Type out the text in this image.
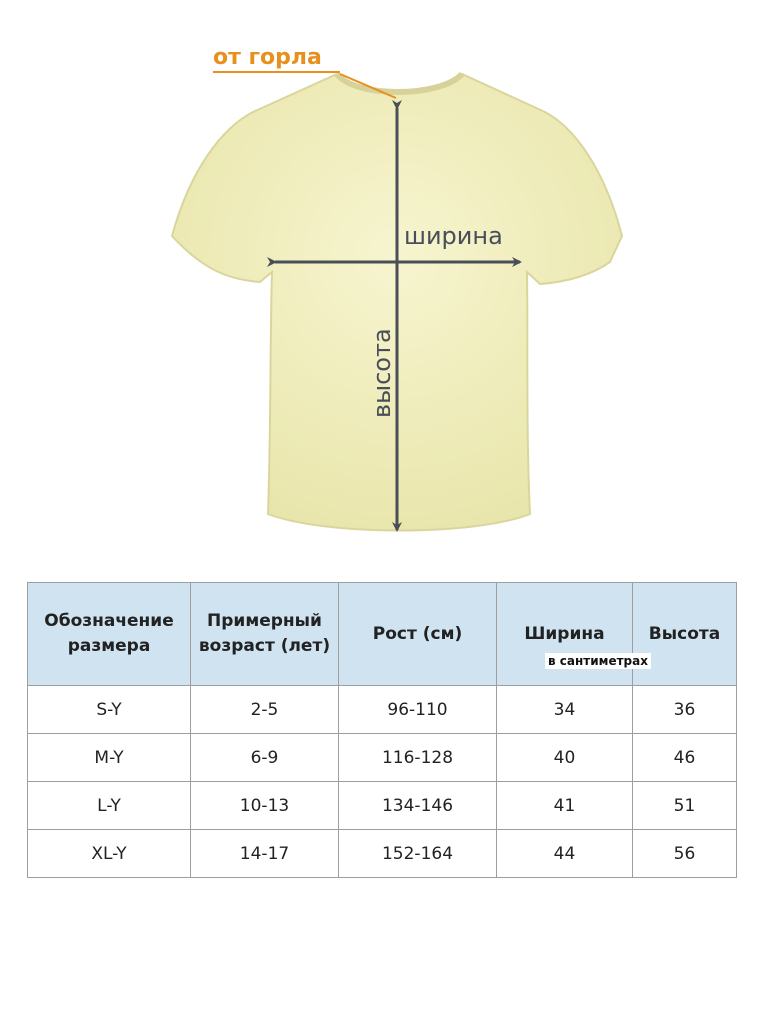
от горла
ширина
высота
Обозначение размера	Примерный возраст (лет)	Рост (см)	Ширина	Высота
S-Y	2-5	96-110	34	36
M-Y	6-9	116-128	40	46
L-Y	10-13	134-146	41	51
XL-Y	14-17	152-164	44	56
в сантиметрах
